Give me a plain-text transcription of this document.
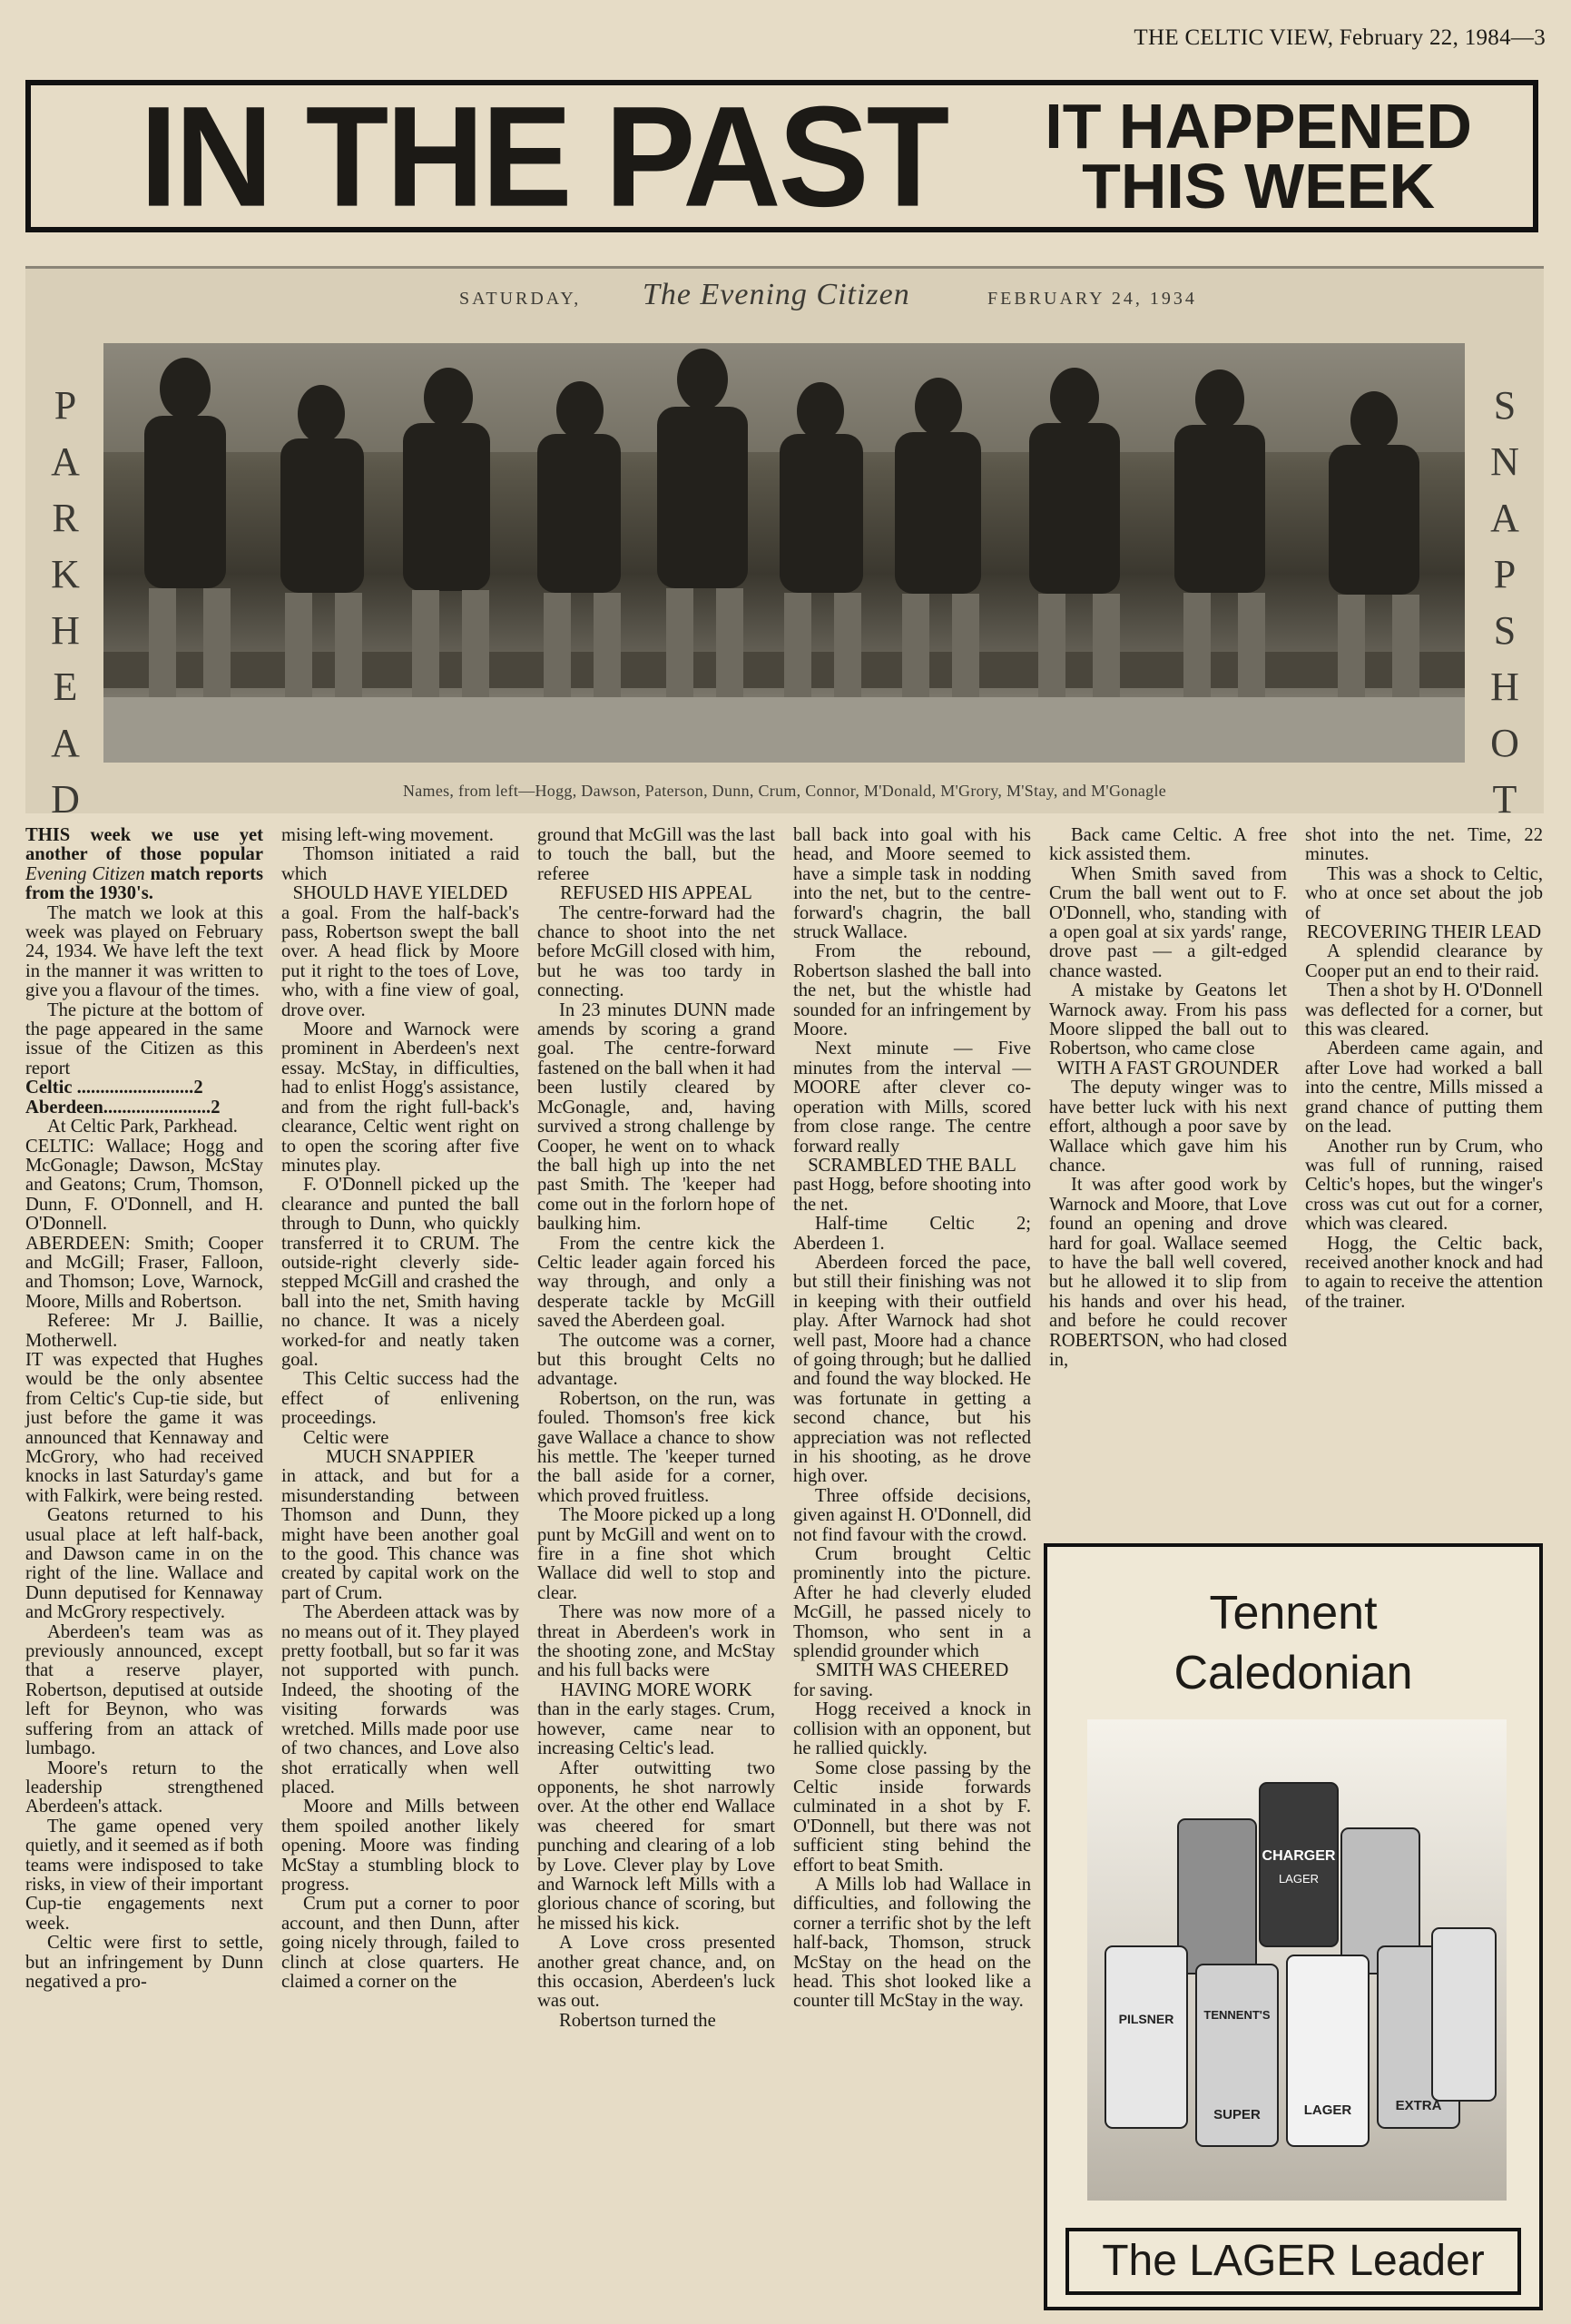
THE CELTIC VIEW, February 22, 1984—3
IN THE PAST IT HAPPENED
THIS WEEK
SATURDAY, The Evening Citizen	FEBRUARY 24, 1934
P
A
R
K
H
E
A
D
S
N
A
P
S
H
O
T
Names, from left—Hogg, Dawson, Paterson, Dunn, Crum, Connor, M'Donald, M'Grory, M'Stay, and M'Gonagle

THIS week we use yet another of those popular Evening Citizen match reports from the 1930's.

The match we look at this week was played on February 24, 1934. We have left the text in the manner it was written to give you a flavour of the times.

The picture at the bottom of the page appeared in the same issue of the Citizen as this report

Celtic .........................2

Aberdeen.......................2

At Celtic Park, Parkhead.

CELTIC: Wallace; Hogg and McGonagle; Dawson, McStay and Geatons; Crum, Thomson, Dunn, F. O'Donnell, and H. O'Donnell.

ABERDEEN: Smith; Cooper and McGill; Fraser, Falloon, and Thomson; Love, Warnock, Moore, Mills and Robertson.

Referee: Mr J. Baillie, Motherwell.

IT was expected that Hughes would be the only absentee from Celtic's Cup-tie side, but just before the game it was announced that Kennaway and McGrory, who had received knocks in last Saturday's game with Falkirk, were being rested.

Geatons returned to his usual place at left half-back, and Dawson came in on the right of the line. Wallace and Dunn deputised for Kennaway and McGrory respectively.

Aberdeen's team was as previously announced, except that a reserve player, Robertson, deputised at outside left for Beynon, who was suffering from an attack of lumbago.

Moore's return to the leadership strengthened Aberdeen's attack.

The game opened very quietly, and it seemed as if both teams were indisposed to take risks, in view of their important Cup-tie engagements next week.

Celtic were first to settle, but an infringement by Dunn negatived a pro-

mising left-wing movement.

Thomson initiated a raid which

SHOULD HAVE YIELDED

a goal. From the half-back's pass, Robertson swept the ball over. A head flick by Moore put it right to the toes of Love, who, with a fine view of goal, drove over.

Moore and Warnock were prominent in Aberdeen's next essay. McStay, in difficulties, had to enlist Hogg's assistance, and from the right full-back's clearance, Celtic went right on to open the scoring after five minutes play.

F. O'Donnell picked up the clearance and punted the ball through to Dunn, who quickly transferred it to CRUM. The outside-right cleverly side-stepped McGill and crashed the ball into the net, Smith having no chance. It was a nicely worked-for and neatly taken goal.

This Celtic success had the effect of enlivening proceedings.

Celtic were

MUCH SNAPPIER

in attack, and but for a misunderstanding between Thomson and Dunn, they might have been another goal to the good. This chance was created by capital work on the part of Crum.

The Aberdeen attack was by no means out of it. They played pretty football, but so far it was not supported with punch. Indeed, the shooting of the visiting forwards was wretched. Mills made poor use of two chances, and Love also shot erratically when well placed.

Moore and Mills between them spoiled another likely opening. Moore was finding McStay a stumbling block to progress.

Crum put a corner to poor account, and then Dunn, after going nicely through, failed to clinch at close quarters. He claimed a corner on the

ground that McGill was the last to touch the ball, but the referee

REFUSED HIS APPEAL

The centre-forward had the chance to shoot into the net before McGill closed with him, but he was too tardy in connecting.

In 23 minutes DUNN made amends by scoring a grand goal. The centre-forward fastened on the ball when it had been lustily cleared by McGonagle, and, having survived a strong challenge by Cooper, he went on to whack the ball high up into the net past Smith. The 'keeper had come out in the forlorn hope of baulking him.

From the centre kick the Celtic leader again forced his way through, and only a desperate tackle by McGill saved the Aberdeen goal.

The outcome was a corner, but this brought Celts no advantage.

Robertson, on the run, was fouled. Thomson's free kick gave Wallace a chance to show his mettle. The 'keeper turned the ball aside for a corner, which proved fruitless.

The Moore picked up a long punt by McGill and went on to fire in a fine shot which Wallace did well to stop and clear.

There was now more of a threat in Aberdeen's work in the shooting zone, and McStay and his full backs were

HAVING MORE WORK

than in the early stages. Crum, however, came near to increasing Celtic's lead.

After outwitting two opponents, he shot narrowly over. At the other end Wallace was cheered for smart punching and clearing of a lob by Love. Clever play by Love and Warnock left Mills with a glorious chance of scoring, but he missed his kick.

A Love cross presented another great chance, and, on this occasion, Aberdeen's luck was out.

Robertson turned the

ball back into goal with his head, and Moore seemed to have a simple task in nodding into the net, but to the centre-forward's chagrin, the ball struck Wallace.

From the rebound, Robertson slashed the ball into the net, but the whistle had sounded for an infringement by Moore.

Next minute — Five minutes from the interval — MOORE after clever co-operation with Mills, scored from close range. The centre forward really

SCRAMBLED THE BALL

past Hogg, before shooting into the net.

Half-time Celtic 2; Aberdeen 1.

Aberdeen forced the pace, but still their finishing was not in keeping with their outfield play. After Warnock had shot well past, Moore had a chance of going through; but he dallied and found the way blocked. He was fortunate in getting a second chance, but his appreciation was not reflected in his shooting, as he drove high over.

Three offside decisions, given against H. O'Donnell, did not find favour with the crowd.

Crum brought Celtic prominently into the picture. After he had cleverly eluded McGill, he passed nicely to Thomson, who sent in a splendid grounder which

SMITH WAS CHEERED

for saving.

Hogg received a knock in collision with an opponent, but he rallied quickly.

Some close passing by the Celtic inside forwards culminated in a shot by F. O'Donnell, but there was not sufficient sting behind the effort to beat Smith.

A Mills lob had Wallace in difficulties, and following the corner a terrific shot by the left half-back, Thomson, struck McStay on the head on the head. This shot looked like a counter till McStay in the way.

Back came Celtic. A free kick assisted them.

When Smith saved from Crum the ball went out to F. O'Donnell, who, standing with a open goal at six yards' range, drove past — a gilt-edged chance wasted.

A mistake by Geatons let Warnock away. From his pass Moore slipped the ball out to Robertson, who came close

WITH A FAST GROUNDER

The deputy winger was to have better luck with his next effort, although a poor save by Wallace which gave him his chance.

It was after good work by Warnock and Moore, that Love found an opening and drove hard for goal. Wallace seemed to have the ball well covered, but he allowed it to slip from his hands and over his head, and before he could recover ROBERTSON, who had closed in,

shot into the net. Time, 22 minutes.

This was a shock to Celtic, who at once set about the job of

RECOVERING THEIR LEAD

A splendid clearance by Cooper put an end to their raid.

Then a shot by H. O'Donnell was deflected for a corner, but this was cleared.

Aberdeen came again, and after Love had worked a ball into the centre, Mills missed a grand chance of putting them on the lead.

Another run by Crum, who was full of running, raised Celtic's hopes, but the winger's cross was cut out for a corner, which was cleared.

Hogg, the Celtic back, received another knock and had to again to receive the attention of the trainer.

Tennent
Caledonian
CHARGER
LAGER
PILSNER	TENNENT'S
SUPER
EXTRA
LAGER
The LAGER Leader
